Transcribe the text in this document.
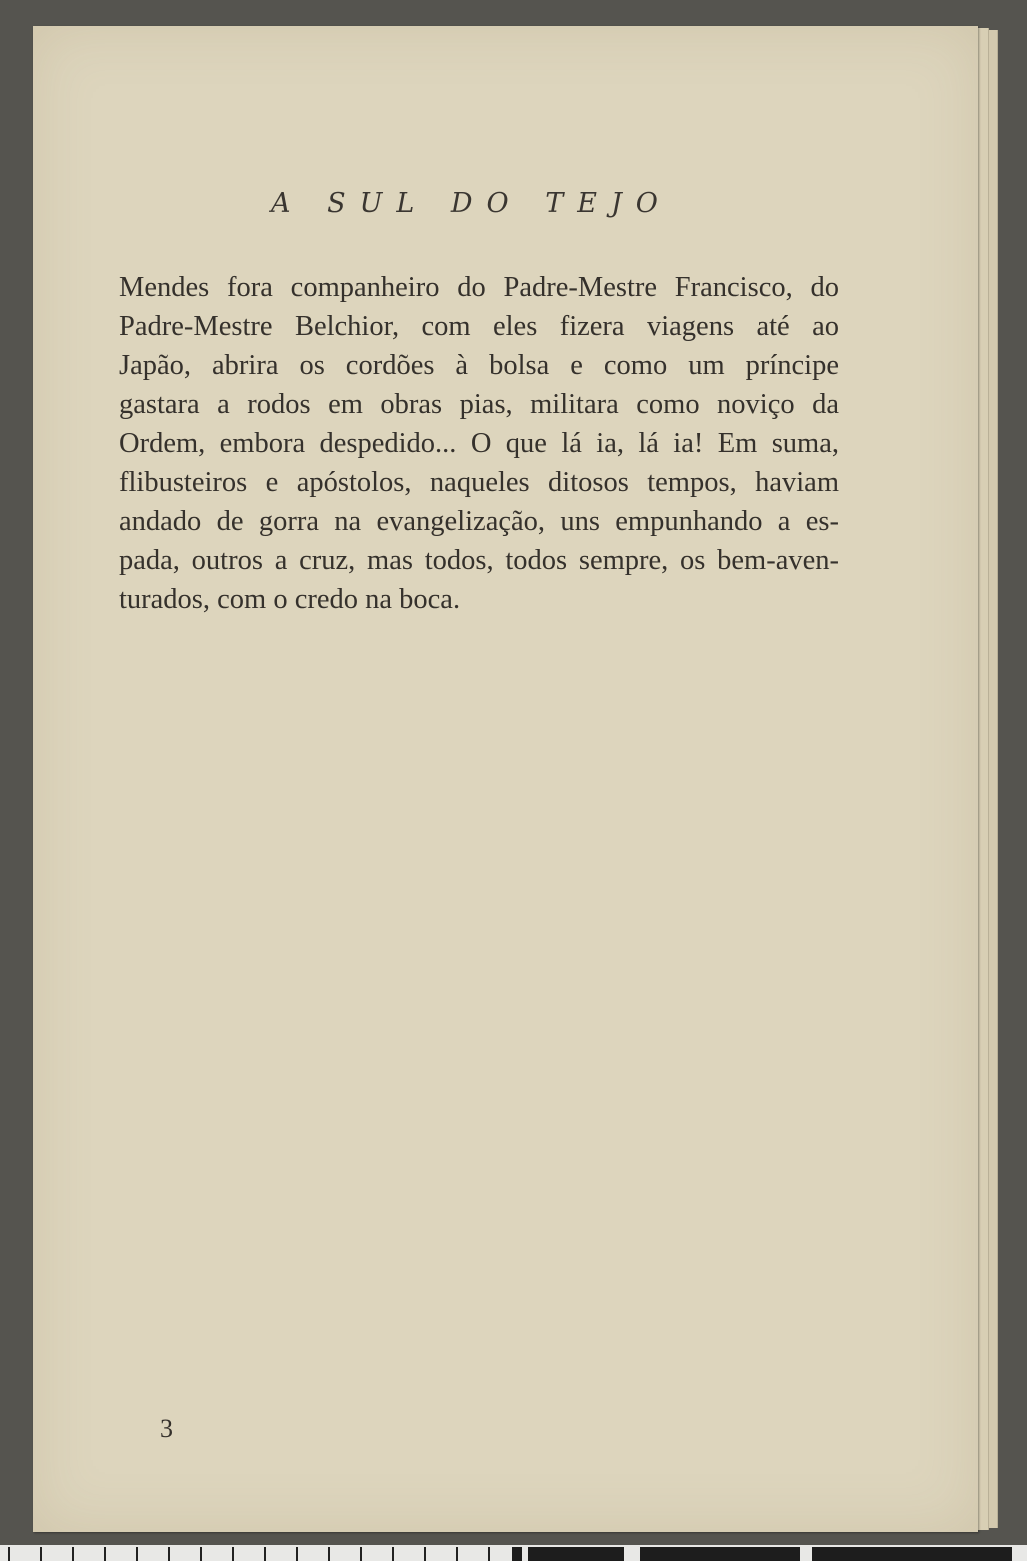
A SUL DO TEJO
Mendes fora companheiro do Padre-Mestre Francisco, do
Padre-Mestre Belchior, com eles fizera viagens até ao
Japão, abrira os cordões à bolsa e como um príncipe
gastara a rodos em obras pias, militara como noviço da
Ordem, embora despedido... O que lá ia, lá ia! Em suma,
flibusteiros e apóstolos, naqueles ditosos tempos, haviam
andado de gorra na evangelização, uns empunhando a es-
pada, outros a cruz, mas todos, todos sempre, os bem-aven-
turados, com o credo na boca.
3
